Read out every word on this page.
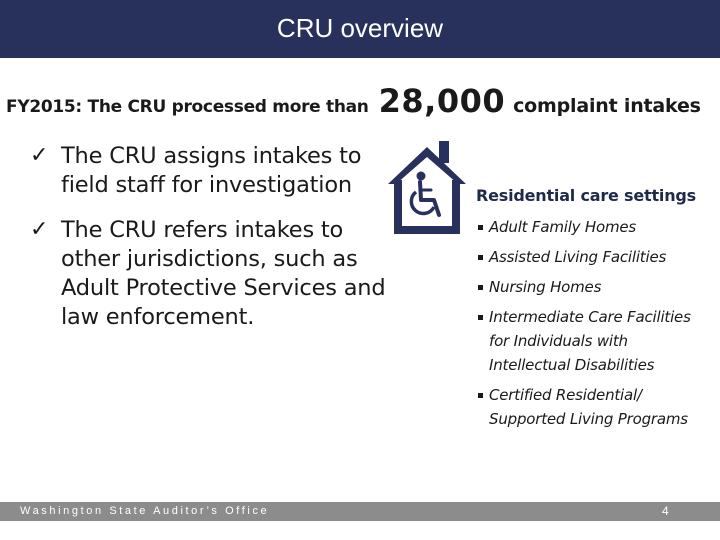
CRU overview
FY2015: The CRU processed more than 28,000 complaint intakes
✓ The CRU assigns intakes to field staff for investigation
✓ The CRU refers intakes to other jurisdictions, such as Adult Protective Services and law enforcement.
Residential care settings
Adult Family Homes
Assisted Living Facilities
Nursing Homes
Intermediate Care Facilities for Individuals with Intellectual Disabilities
Certified Residential/ Supported Living Programs
Washington State Auditor’s Office	4
